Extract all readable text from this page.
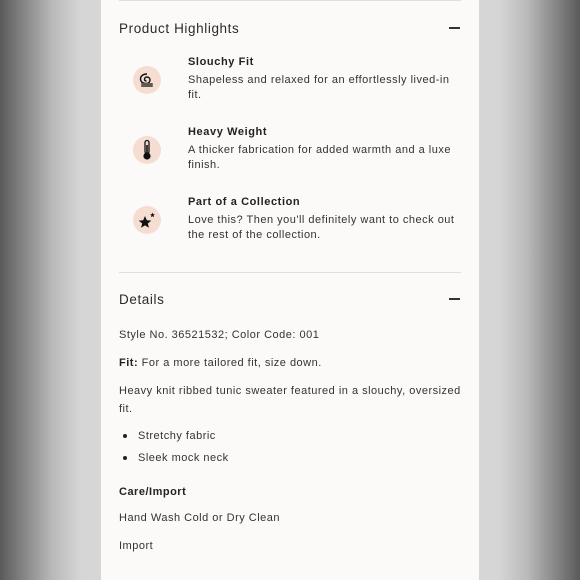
Product Highlights
Slouchy Fit
Shapeless and relaxed for an effortlessly lived-in fit.
Heavy Weight
A thicker fabrication for added warmth and a luxe finish.
Part of a Collection
Love this? Then you'll definitely want to check out the rest of the collection.
Details

Style No. 36521532; Color Code: 001

Fit: For a more tailored fit, size down.

Heavy knit ribbed tunic sweater featured in a slouchy, oversized fit.

Stretchy fabric
Sleek mock neck

Care/Import

Hand Wash Cold or Dry Clean

Import
